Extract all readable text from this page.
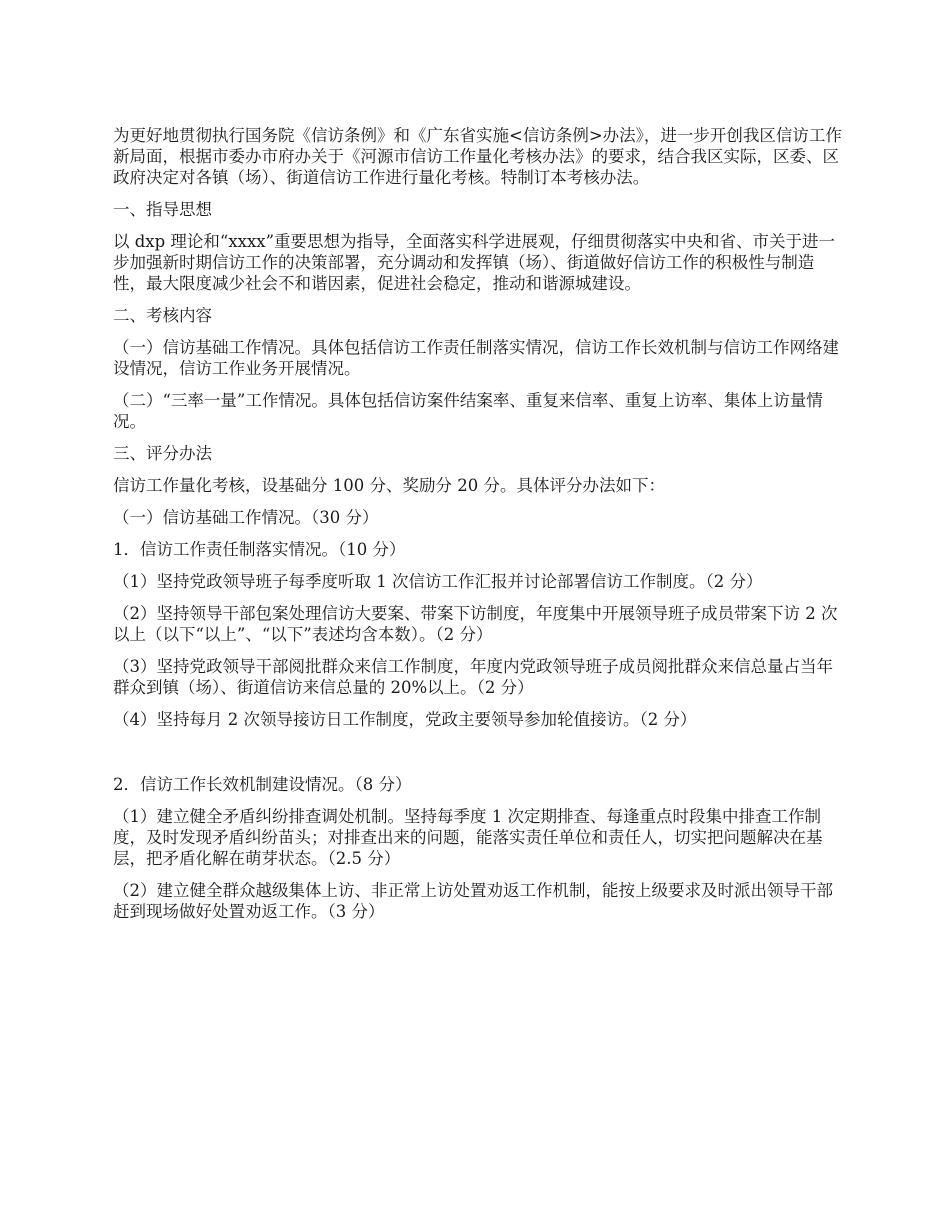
为更好地贯彻执行国务院《信访条例》和《广东省实施<信访条例>办法》，进一步开创我区信访工作新局面，根据市委办市府办关于《河源市信访工作量化考核办法》的要求，结合我区实际，区委、区政府决定对各镇（场）、街道信访工作进行量化考核。特制订本考核办法。

一、指导思想

以 dxp 理论和“xxxx”重要思想为指导，全面落实科学进展观，仔细贯彻落实中央和省、市关于进一步加强新时期信访工作的决策部署，充分调动和发挥镇（场）、街道做好信访工作的积极性与制造性，最大限度减少社会不和谐因素，促进社会稳定，推动和谐源城建设。

二、考核内容

（一）信访基础工作情况。具体包括信访工作责任制落实情况，信访工作长效机制与信访工作网络建设情况，信访工作业务开展情况。

（二）“三率一量”工作情况。具体包括信访案件结案率、重复来信率、重复上访率、集体上访量情况。

三、评分办法

信访工作量化考核，设基础分 100 分、奖励分 20 分。具体评分办法如下：

（一）信访基础工作情况。（30 分）

1．信访工作责任制落实情况。（10 分）

（1）坚持党政领导班子每季度听取 1 次信访工作汇报并讨论部署信访工作制度。（2 分）

（2）坚持领导干部包案处理信访大要案、带案下访制度，年度集中开展领导班子成员带案下访 2 次以上（以下“以上”、“以下”表述均含本数）。（2 分）

（3）坚持党政领导干部阅批群众来信工作制度，年度内党政领导班子成员阅批群众来信总量占当年群众到镇（场）、街道信访来信总量的 20%以上。（2 分）

（4）坚持每月 2 次领导接访日工作制度，党政主要领导参加轮值接访。（2 分）

2．信访工作长效机制建设情况。（8 分）

（1）建立健全矛盾纠纷排查调处机制。坚持每季度 1 次定期排查、每逢重点时段集中排查工作制度，及时发现矛盾纠纷苗头；对排查出来的问题，能落实责任单位和责任人，切实把问题解决在基层，把矛盾化解在萌芽状态。（2.5 分）

（2）建立健全群众越级集体上访、非正常上访处置劝返工作机制，能按上级要求及时派出领导干部赶到现场做好处置劝返工作。（3 分）
